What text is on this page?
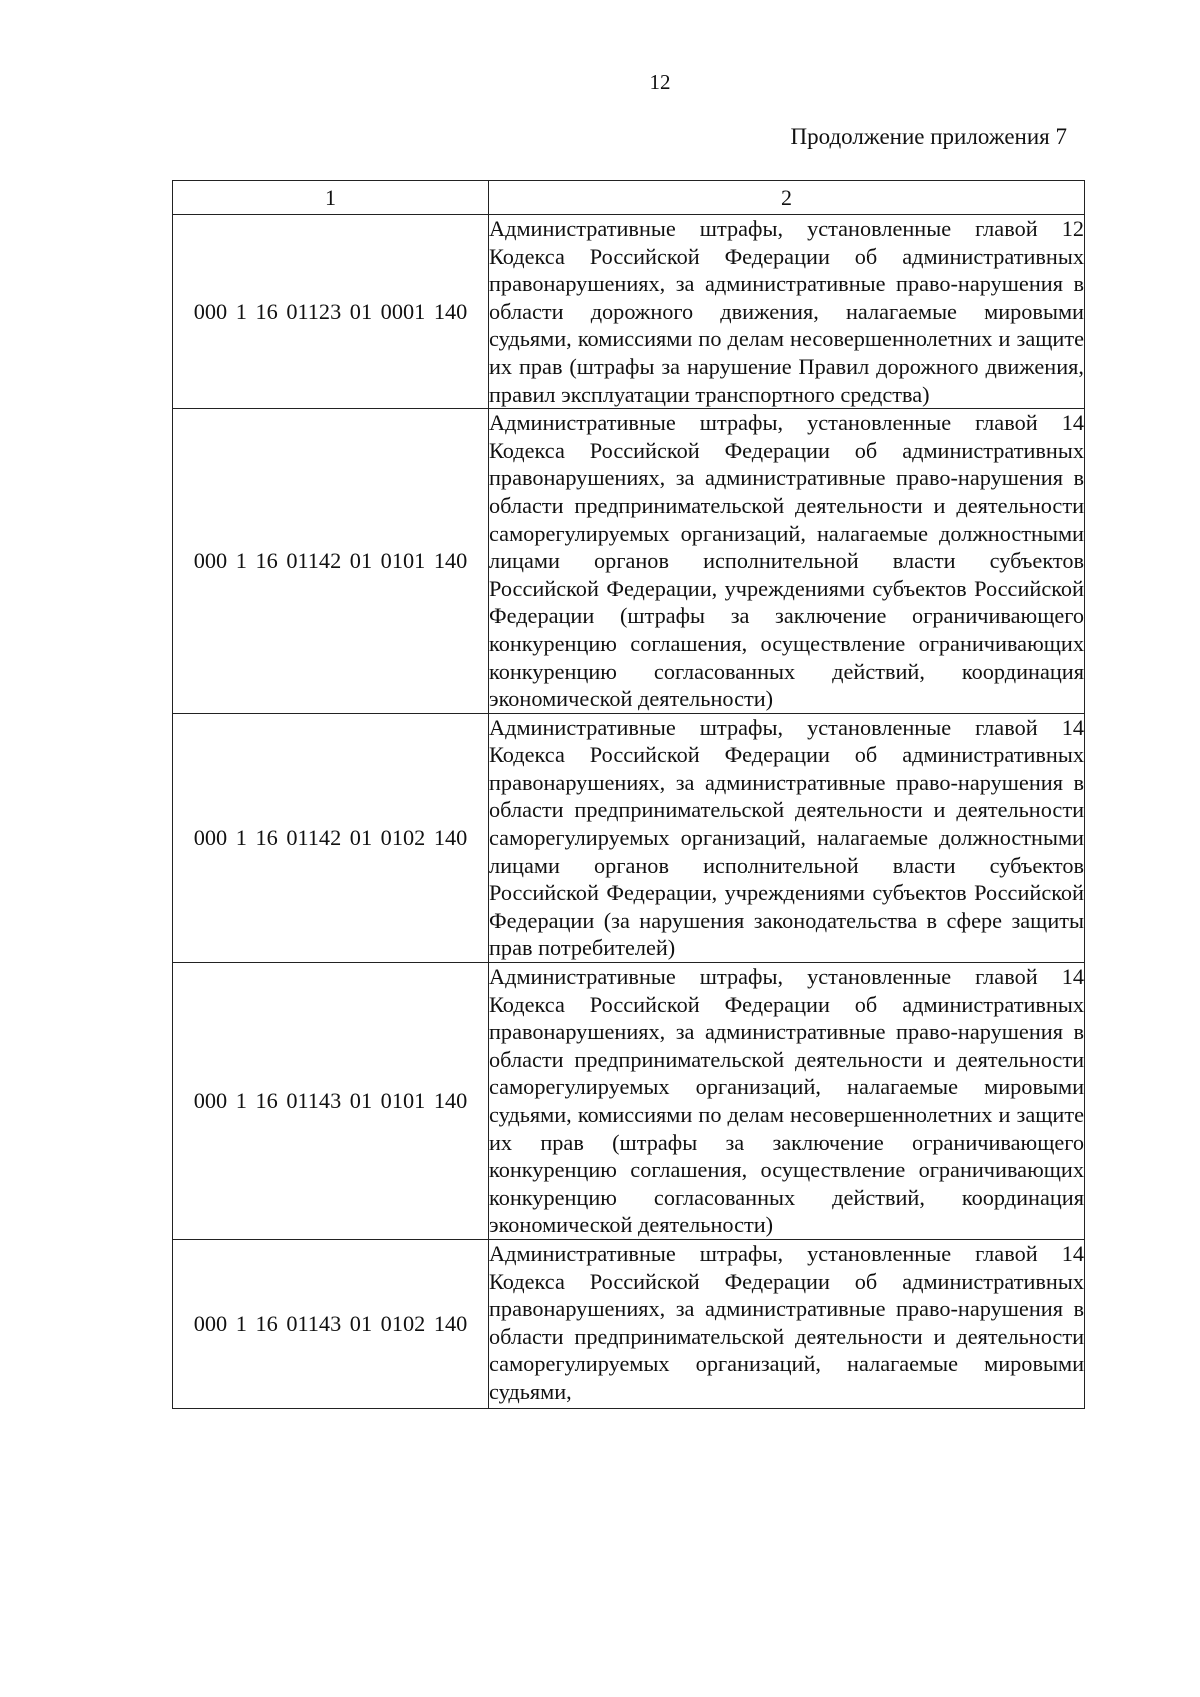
12
Продолжение приложения 7
1	2
000 1 16 01123 01 0001 140	Административные штрафы, установленные главой 12 Кодекса Российской Федерации об административных правонарушениях, за административные право-нарушения в области дорожного движения, налагаемые мировыми судьями, комиссиями по делам несовершеннолетних и защите их прав (штрафы за нарушение Правил дорожного движения, правил эксплуатации транспортного средства)
000 1 16 01142 01 0101 140	Административные штрафы, установленные главой 14 Кодекса Российской Федерации об административных правонарушениях, за административные право-нарушения в области предпринимательской деятельности и деятельности саморегулируемых организаций, налагаемые должностными лицами органов исполнительной власти субъектов Российской Федерации, учреждениями субъектов Российской Федерации (штрафы за заключение ограничивающего конкуренцию соглашения, осуществление ограничивающих конкуренцию согласованных действий, координация экономической деятельности)
000 1 16 01142 01 0102 140	Административные штрафы, установленные главой 14 Кодекса Российской Федерации об административных правонарушениях, за административные право-нарушения в области предпринимательской деятельности и деятельности саморегулируемых организаций, налагаемые должностными лицами органов исполнительной власти субъектов Российской Федерации, учреждениями субъектов Российской Федерации (за нарушения законодательства в сфере защиты прав потребителей)
000 1 16 01143 01 0101 140	Административные штрафы, установленные главой 14 Кодекса Российской Федерации об административных правонарушениях, за административные право-нарушения в области предпринимательской деятельности и деятельности саморегулируемых организаций, налагаемые мировыми судьями, комиссиями по делам несовершеннолетних и защите их прав (штрафы за заключение ограничивающего конкуренцию соглашения, осуществление ограничивающих конкуренцию согласованных действий, координация экономической деятельности)
000 1 16 01143 01 0102 140	Административные штрафы, установленные главой 14 Кодекса Российской Федерации об административных правонарушениях, за административные право-нарушения в области предпринимательской деятельности и деятельности саморегулируемых организаций, налагаемые мировыми судьями,
